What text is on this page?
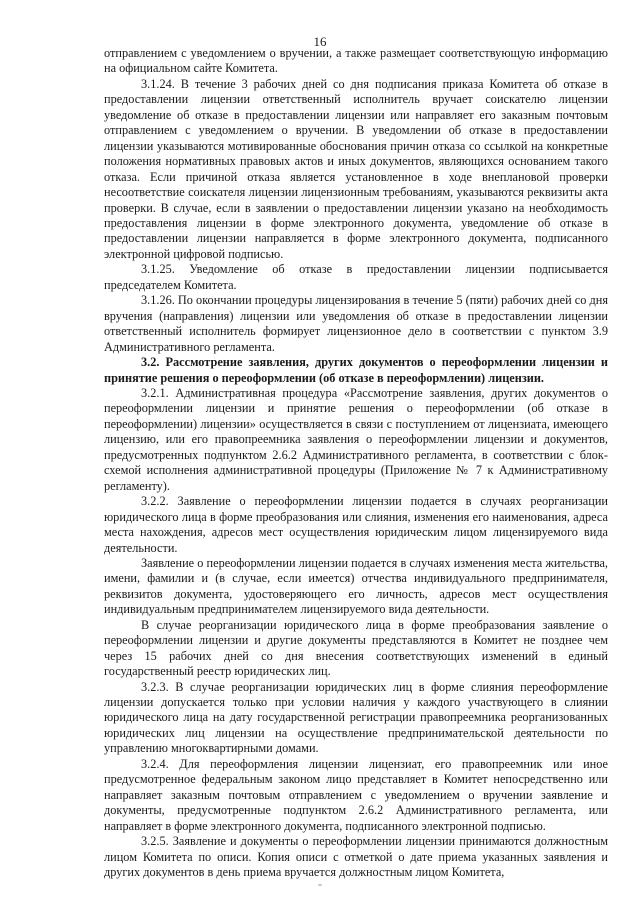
16

отправлением с уведомлением о вручении, а также размещает соответствующую информацию на официальном сайте Комитета.

3.1.24. В течение 3 рабочих дней со дня подписания приказа Комитета об отказе в предоставлении лицензии ответственный исполнитель вручает соискателю лицензии уведомление об отказе в предоставлении лицензии или направляет его заказным почтовым отправлением с уведомлением о вручении. В уведомлении об отказе в предоставлении лицензии указываются мотивированные обоснования причин отказа со ссылкой на конкретные положения нормативных правовых актов и иных документов, являющихся основанием такого отказа. Если причиной отказа является установленное в ходе внеплановой проверки несоответствие соискателя лицензии лицензионным требованиям, указываются реквизиты акта проверки. В случае, если в заявлении о предоставлении лицензии указано на необходимость предоставления лицензии в форме электронного документа, уведомление об отказе в предоставлении лицензии направляется в форме электронного документа, подписанного электронной цифровой подписью.

3.1.25. Уведомление об отказе в предоставлении лицензии подписывается председателем Комитета.

3.1.26. По окончании процедуры лицензирования в течение 5 (пяти) рабочих дней со дня вручения (направления) лицензии или уведомления об отказе в предоставлении лицензии ответственный исполнитель формирует лицензионное дело в соответствии с пунктом 3.9 Административного регламента.

3.2. Рассмотрение заявления, других документов о переоформлении лицензии и принятие решения о переоформлении (об отказе в переоформлении) лицензии.

3.2.1. Административная процедура «Рассмотрение заявления, других документов о переоформлении лицензии и принятие решения о переоформлении (об отказе в переоформлении) лицензии» осуществляется в связи с поступлением от лицензиата, имеющего лицензию, или его правопреемника заявления о переоформлении лицензии и документов, предусмотренных подпунктом 2.6.2 Административного регламента, в соответствии с блок-схемой исполнения административной процедуры (Приложение № 7 к Административному регламенту).

3.2.2. Заявление о переоформлении лицензии подается в случаях реорганизации юридического лица в форме преобразования или слияния, изменения его наименования, адреса места нахождения, адресов мест осуществления юридическим лицом лицензируемого вида деятельности.

Заявление о переоформлении лицензии подается в случаях изменения места жительства, имени, фамилии и (в случае, если имеется) отчества индивидуального предпринимателя, реквизитов документа, удостоверяющего его личность, адресов мест осуществления индивидуальным предпринимателем лицензируемого вида деятельности.

В случае реорганизации юридического лица в форме преобразования заявление о переоформлении лицензии и другие документы представляются в Комитет не позднее чем через 15 рабочих дней со дня внесения соответствующих изменений в единый государственный реестр юридических лиц.

3.2.3. В случае реорганизации юридических лиц в форме слияния переоформление лицензии допускается только при условии наличия у каждого участвующего в слиянии юридического лица на дату государственной регистрации правопреемника реорганизованных юридических лиц лицензии на осуществление предпринимательской деятельности по управлению многоквартирными домами.

3.2.4. Для переоформления лицензии лицензиат, его правопреемник или иное предусмотренное федеральным законом лицо представляет в Комитет непосредственно или направляет заказным почтовым отправлением с уведомлением о вручении заявление и документы, предусмотренные подпунктом 2.6.2 Административного регламента, или направляет в форме электронного документа, подписанного электронной подписью.

3.2.5. Заявление и документы о переоформлении лицензии принимаются должностным лицом Комитета по описи. Копия описи с отметкой о дате приема указанных заявления и других документов в день приема вручается должностным лицом Комитета,
